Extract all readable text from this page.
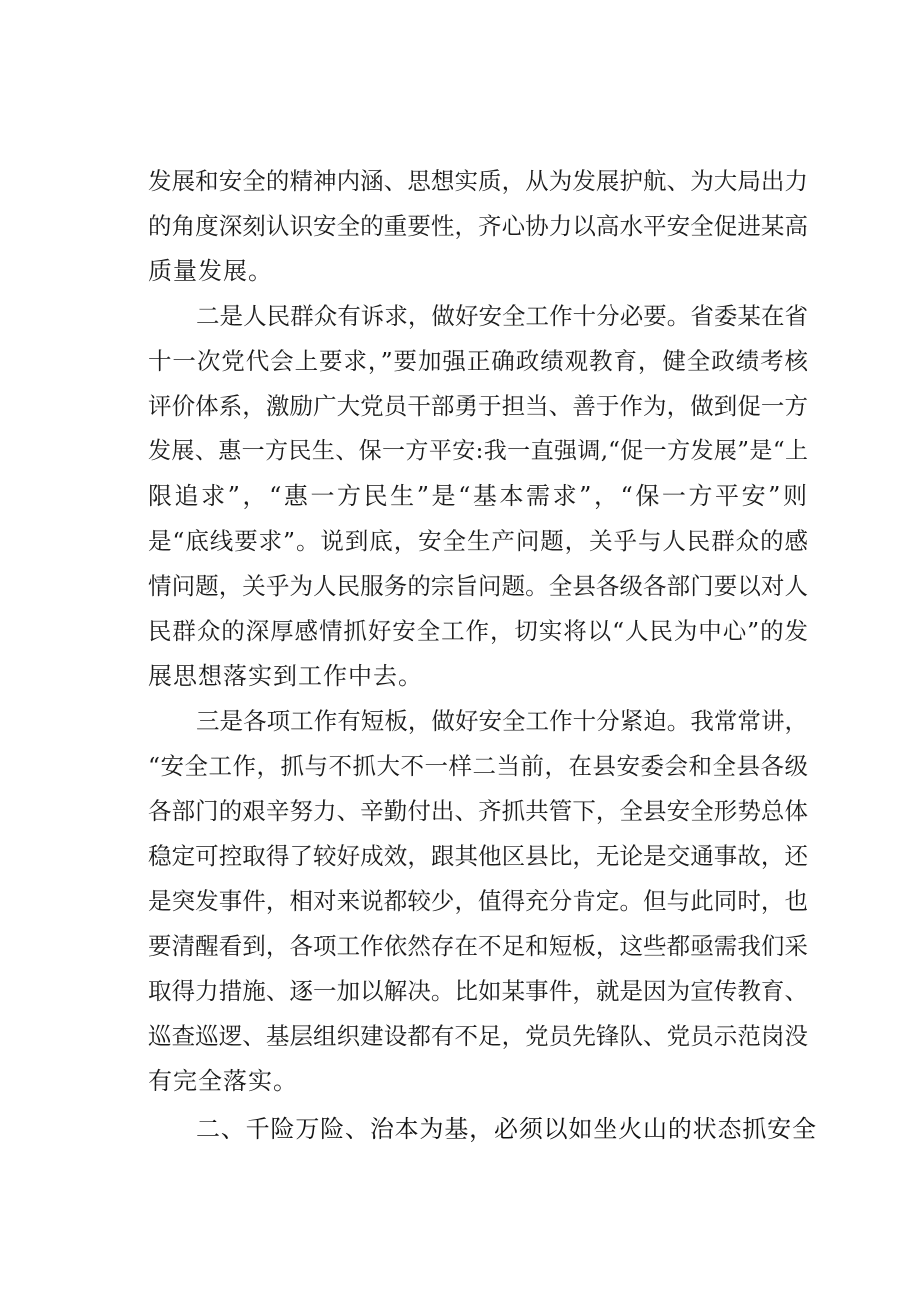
发展和安全的精神内涵、思想实质，从为发展护航、为大局出力
的角度深刻认识安全的重要性，齐心协力以高水平安全促进某高
质量发展。
二是人民群众有诉求，做好安全工作十分必要。省委某在省
十一次党代会上要求，”要加强正确政绩观教育，健全政绩考核
评价体系，激励广大党员干部勇于担当、善于作为，做到促一方
发展、惠一方民生、保一方平安:我一直强调,“促一方发展”是“上
限追求”，“惠一方民生”是“基本需求”，“保一方平安”则
是“底线要求”。说到底，安全生产问题，关乎与人民群众的感
情问题，关乎为人民服务的宗旨问题。全县各级各部门要以对人
民群众的深厚感情抓好安全工作，切实将以“人民为中心”的发
展思想落实到工作中去。
三是各项工作有短板，做好安全工作十分紧迫。我常常讲，
“安全工作，抓与不抓大不一样二当前，在县安委会和全县各级
各部门的艰辛努力、辛勤付出、齐抓共管下，全县安全形势总体
稳定可控取得了较好成效，跟其他区县比，无论是交通事故，还
是突发事件，相对来说都较少，值得充分肯定。但与此同时，也
要清醒看到，各项工作依然存在不足和短板，这些都亟需我们采
取得力措施、逐一加以解决。比如某事件，就是因为宣传教育、
巡查巡逻、基层组织建设都有不足，党员先锋队、党员示范岗没
有完全落实。
二、千险万险、治本为基，必须以如坐火山的状态抓安全
